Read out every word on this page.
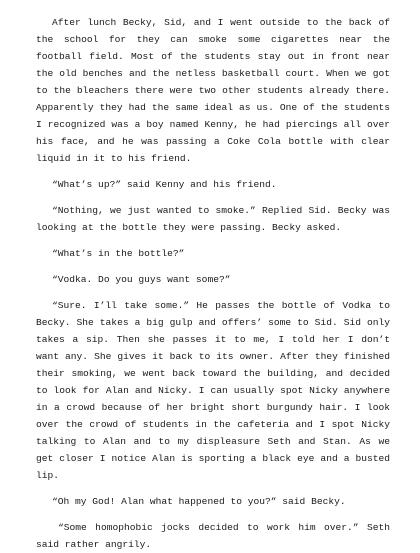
After lunch Becky, Sid, and I went outside to the back of the school for they can smoke some cigarettes near the football field. Most of the students stay out in front near the old benches and the netless basketball court. When we got to the bleachers there were two other students already there. Apparently they had the same ideal as us. One of the students I recognized was a boy named Kenny, he had piercings all over his face, and he was passing a Coke Cola bottle with clear liquid in it to his friend.

“What’s up?” said Kenny and his friend.

“Nothing, we just wanted to smoke.” Replied Sid. Becky was looking at the bottle they were passing. Becky asked.

“What’s in the bottle?”

“Vodka. Do you guys want some?”

“Sure. I’ll take some.” He passes the bottle of Vodka to Becky. She takes a big gulp and offers’ some to Sid. Sid only takes a sip. Then she passes it to me, I told her I don’t want any. She gives it back to its owner. After they finished their smoking, we went back toward the building, and decided to look for Alan and Nicky. I can usually spot Nicky anywhere in a crowd because of her bright short burgundy hair. I look over the crowd of students in the cafeteria and I spot Nicky talking to Alan and to my displeasure Seth and Stan. As we get closer I notice Alan is sporting a black eye and a busted lip.

“Oh my God! Alan what happened to you?” said Becky.

“Some homophobic jocks decided to work him over.” Seth said rather angrily.
